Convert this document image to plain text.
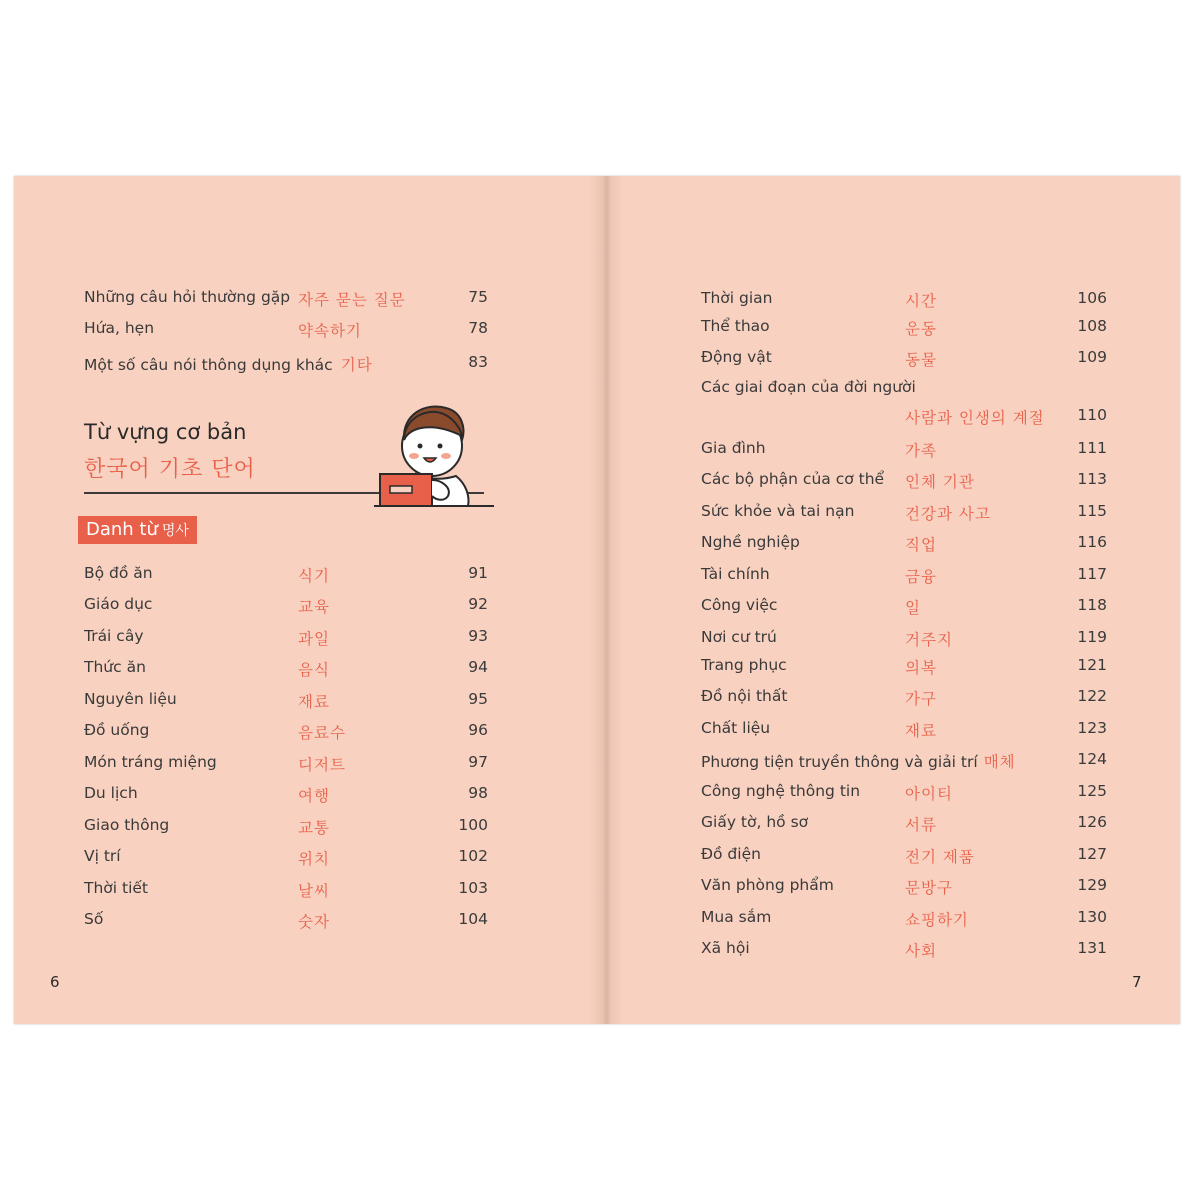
Những câu hỏi thường gặp 자주 묻는 질문	75
Hứa, hẹn	약속하기	78
Một số câu nói thông dụng khác 기타	83
Từ vựng cơ bản
한국어 기초 단어
Danh từ 명사
Bộ đồ ăn	식기	91
Giáo dục	교육	92
Trái cây	과일	93
Thức ăn	음식	94
Nguyên liệu	재료	95
Đồ uống	음료수	96
Món tráng miệng	디저트	97
Du lịch	여행	98
Giao thông	교통	100
Vị trí	위치	102
Thời tiết	날씨	103
Số	숫자	104
6
Thời gian	시간	106
Thể thao	운동	108
Động vật	동물	109
Các giai đoạn của đời người
사람과 인생의 계절	110
Gia đình	가족	111
Các bộ phận của cơ thể 인체 기관	113
Sức khỏe và tai nạn	건강과 사고	115
Nghề nghiệp	직업	116
Tài chính	금융	117
Công việc	일	118
Nơi cư trú	거주지	119
Trang phục	의복	121
Đồ nội thất	가구	122
Chất liệu	재료	123
Phương tiện truyền thông và giải trí 매체	124
Công nghệ thông tin	아이티	125
Giấy tờ, hồ sơ	서류	126
Đồ điện	전기 제품	127
Văn phòng phẩm	문방구	129
Mua sắm	쇼핑하기	130
Xã hội	사회	131
7
